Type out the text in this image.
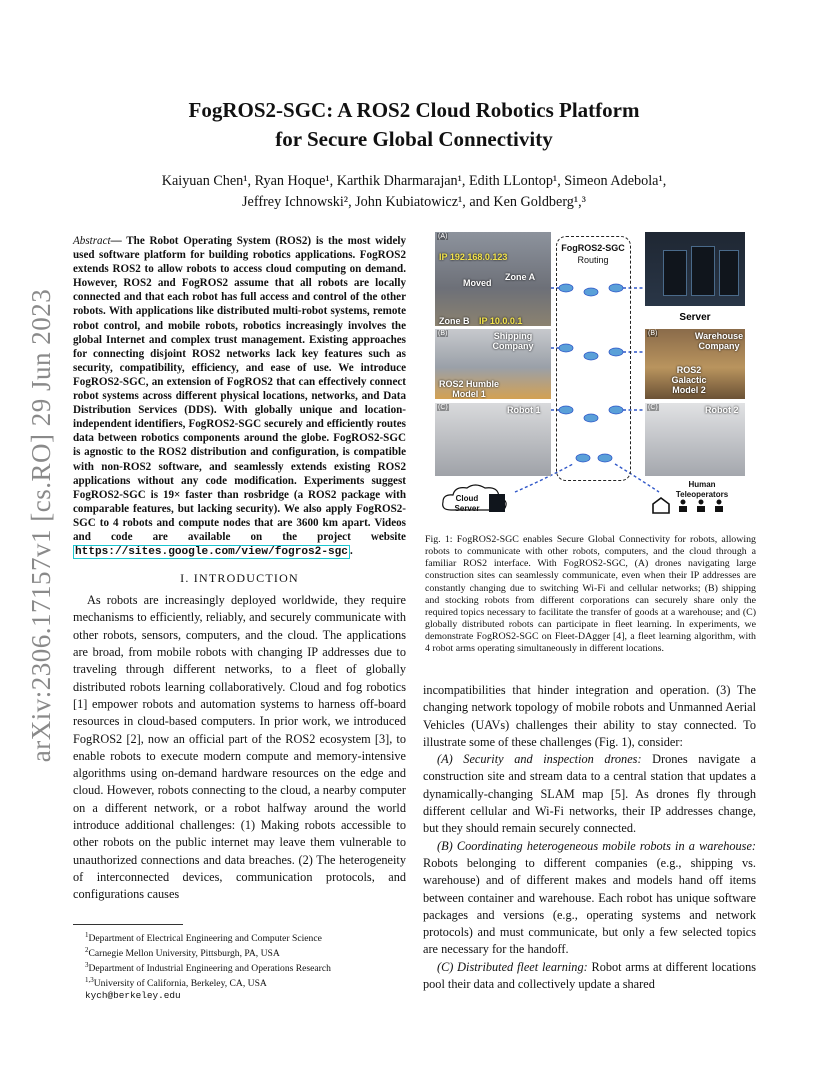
arXiv:2306.17157v1 [cs.RO] 29 Jun 2023
FogROS2-SGC: A ROS2 Cloud Robotics Platform
for Secure Global Connectivity
Kaiyuan Chen¹, Ryan Hoque¹, Karthik Dharmarajan¹, Edith LLontop¹, Simeon Adebola¹,
Jeffrey Ichnowski², John Kubiatowicz¹, and Ken Goldberg¹,³

Abstract— The Robot Operating System (ROS2) is the most widely used software platform for building robotics applications. FogROS2 extends ROS2 to allow robots to access cloud computing on demand. However, ROS2 and FogROS2 assume that all robots are locally connected and that each robot has full access and control of the other robots. With applications like distributed multi-robot systems, remote robot control, and mobile robots, robotics increasingly involves the global Internet and complex trust management. Existing approaches for connecting disjoint ROS2 networks lack key features such as security, compatibility, efficiency, and ease of use. We introduce FogROS2-SGC, an extension of FogROS2 that can effectively connect robot systems across different physical locations, networks, and Data Distribution Services (DDS). With globally unique and location-independent identifiers, FogROS2-SGC securely and efficiently routes data between robotics components around the globe. FogROS2-SGC is agnostic to the ROS2 distribution and configuration, is compatible with non-ROS2 software, and seamlessly extends existing ROS2 applications without any code modification. Experiments suggest FogROS2-SGC is 19× faster than rosbridge (a ROS2 package with comparable features, but lacking security). We also apply FogROS2-SGC to 4 robots and compute nodes that are 3600 km apart. Videos and code are available on the project website https://sites.google.com/view/fogros2-sgc .

I. INTRODUCTION

As robots are increasingly deployed worldwide, they require mechanisms to efficiently, reliably, and securely communicate with other robots, sensors, computers, and the cloud. The applications are broad, from mobile robots with changing IP addresses due to traveling through different networks, to a fleet of globally distributed robots learning collaboratively. Cloud and fog robotics [1] empower robots and automation systems to harness off-board resources in cloud-based computers. In prior work, we introduced FogROS2 [2], now an official part of the ROS2 ecosystem [3], to enable robots to execute modern compute and memory-intensive algorithms using on-demand hardware resources on the edge and cloud. However, robots connecting to the cloud, a nearby computer on a different network, or a robot halfway around the world introduce additional challenges: (1) Making robots accessible to other robots on the public internet may leave them vulnerable to unauthorized connections and data breaches. (2) The heterogeneity of interconnected devices, communication protocols, and configurations causes

$^1$Department of Electrical Engineering and Computer Science

$^2$Carnegie Mellon University, Pittsburgh, PA, USA

$^3$Department of Industrial Engineering and Operations Research

$^{1,3}$University of California, Berkeley, CA, USA

kych@berkeley.edu

FogROS2-SGC
Routing
(A)
IP 192.168.0.123
Zone A
Moved
Zone B IP 10.0.0.1
(B)	Shipping Company
ROS2 Humble Model 1
(C)	Robot 1
Server
(B)	Warehouse Company
ROS2 Galactic Model 2
(C)	Robot 2
Cloud Server
Human Teleoperators
Fig. 1: FogROS2-SGC enables Secure Global Connectivity for robots, allowing robots to communicate with other robots, computers, and the cloud through a familiar ROS2 interface. With FogROS2-SGC, (A) drones navigating large construction sites can seamlessly communicate, even when their IP addresses are constantly changing due to switching Wi-Fi and cellular networks; (B) shipping and stocking robots from different corporations can securely share only the required topics necessary to facilitate the transfer of goods at a warehouse; and (C) globally distributed robots can participate in fleet learning. In experiments, we demonstrate FogROS2-SGC on Fleet-DAgger [4], a fleet learning algorithm, with 4 robot arms operating simultaneously in different locations.

incompatibilities that hinder integration and operation. (3) The changing network topology of mobile robots and Unmanned Aerial Vehicles (UAVs) challenges their ability to stay connected. To illustrate some of these challenges (Fig. 1), consider:

(A) Security and inspection drones: Drones navigate a construction site and stream data to a central station that updates a dynamically-changing SLAM map [5]. As drones fly through different cellular and Wi-Fi networks, their IP addresses change, but they should remain securely connected.

(B) Coordinating heterogeneous mobile robots in a warehouse: Robots belonging to different companies (e.g., shipping vs. warehouse) and of different makes and models hand off items between container and warehouse. Each robot has unique software packages and versions (e.g., operating systems and network protocols) and must communicate, but only a few selected topics are necessary for the handoff.

(C) Distributed fleet learning: Robot arms at different locations pool their data and collectively update a shared
